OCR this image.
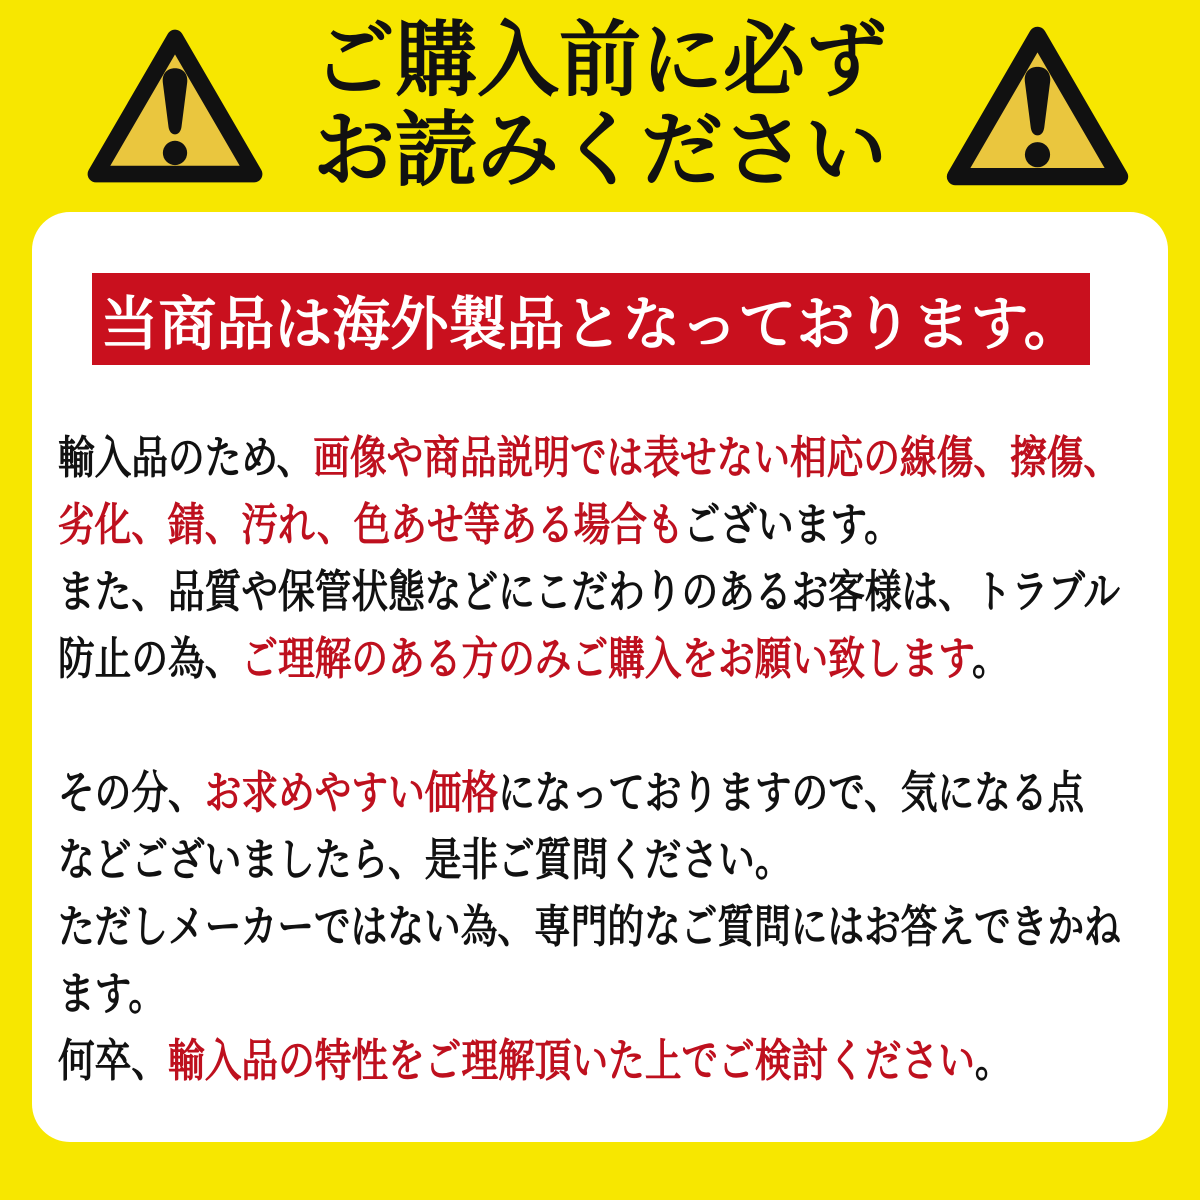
ご購入前に必ず
お読みください
当商品は海外製品となっております。
輸入品のため、画像や商品説明では表せない相応の線傷、擦傷、
劣化、錆、汚れ、色あせ等ある場合もございます。
また、品質や保管状態などにこだわりのあるお客様は、トラブル
防止の為、ご理解のある方のみご購入をお願い致します。
その分、お求めやすい価格になっておりますので、気になる点
などございましたら、是非ご質問ください。
ただしメーカーではない為、専門的なご質問にはお答えできかね
ます。
何卒、輸入品の特性をご理解頂いた上でご検討ください。
